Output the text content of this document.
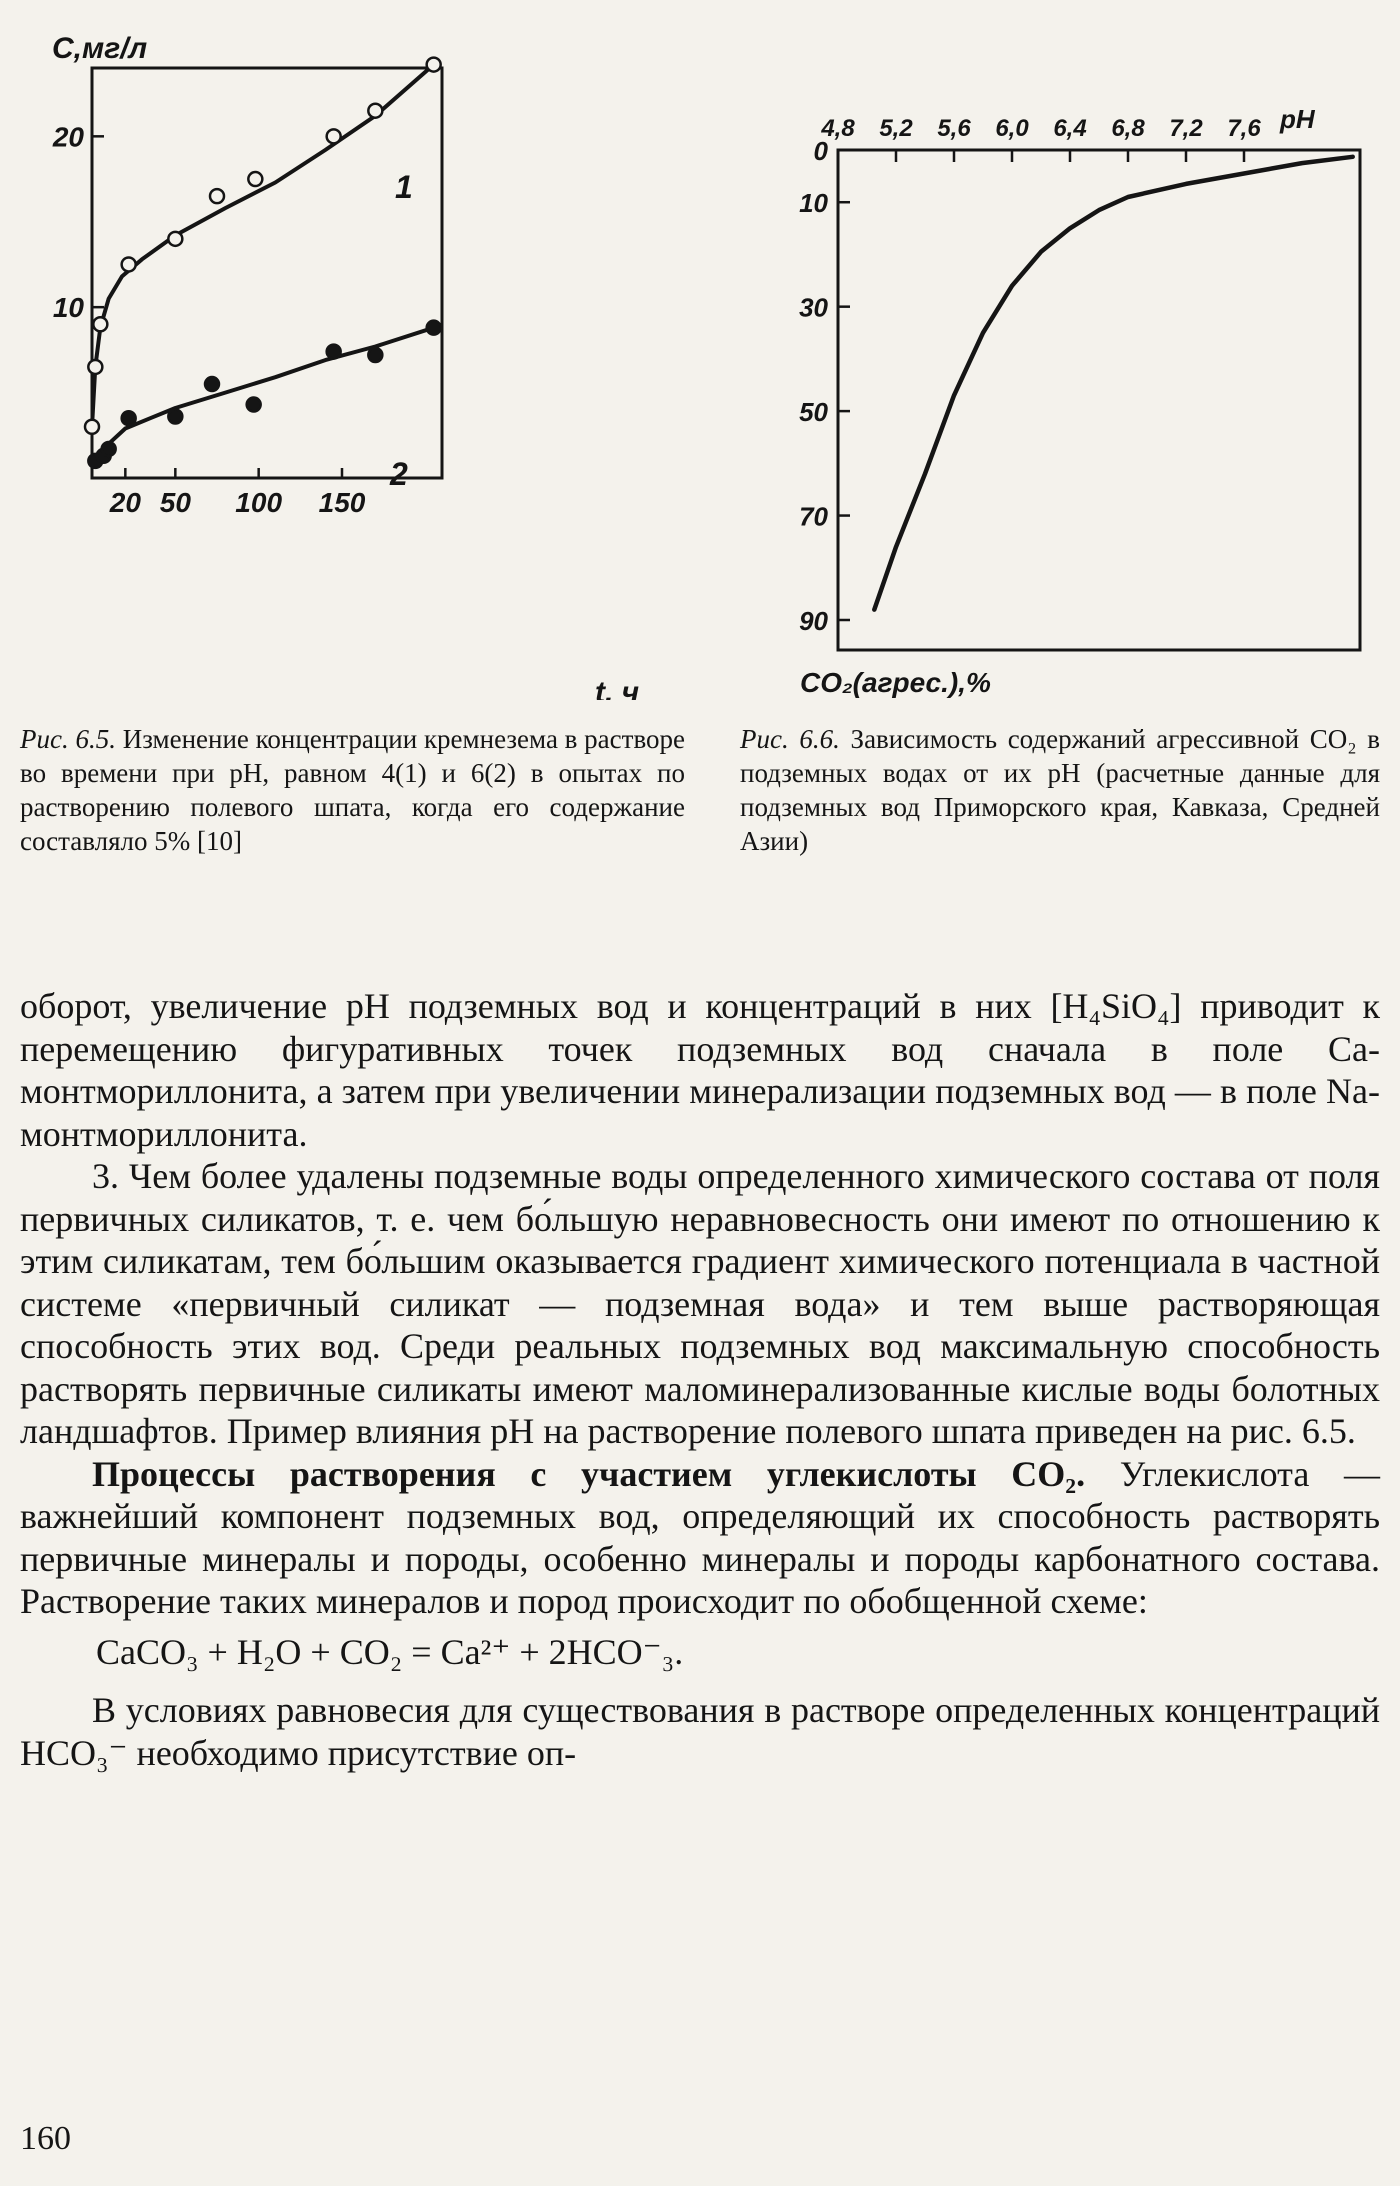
20 50 100 150
10
20
С,мг/л
t, ч
1
2
4,8 5,2 5,6 6,0 6,4 6,8 7,2 7,6
0
10
30
50
70
90
pH
CO₂(агрес.),%
Рис. 6.5. Изменение концентрации кремнезема в растворе во времени при pH, равном 4(1) и 6(2) в опытах по растворению полевого шпата, когда его содержание составляло 5% [10]
Рис. 6.6. Зависимость содержаний агрессивной CO₂ в подземных водах от их pH (расчетные данные для подземных вод Приморского края, Кавказа, Средней Азии)

оборот, увеличение pH подземных вод и концентраций в них [H₄SiO₄] приводит к перемещению фигуративных точек подземных вод сначала в поле Ca-монтмориллонита, а затем при увеличении минерализации подземных вод — в поле Na-монтмориллонита.

3. Чем более удалены подземные воды определенного химического состава от поля первичных силикатов, т. е. чем бо́льшую неравновесность они имеют по отношению к этим силикатам, тем бо́льшим оказывается градиент химического потенциала в частной системе «первичный силикат — подземная вода» и тем выше растворяющая способность этих вод. Среди реальных подземных вод максимальную способность растворять первичные силикаты имеют маломинерализованные кислые воды болотных ландшафтов. Пример влияния pH на растворение полевого шпата приведен на рис. 6.5.

Процессы растворения с участием углекислоты CO₂. Углекислота — важнейший компонент подземных вод, определяющий их способность растворять первичные минералы и породы, особенно минералы и породы карбонатного состава. Растворение таких минералов и пород происходит по обобщенной схеме:

CaCO₃ + H₂O + CO₂ = Ca²⁺ + 2HCO⁻₃.

В условиях равновесия для существования в растворе определенных концентраций HCO₃⁻ необходимо присутствие оп-

160
